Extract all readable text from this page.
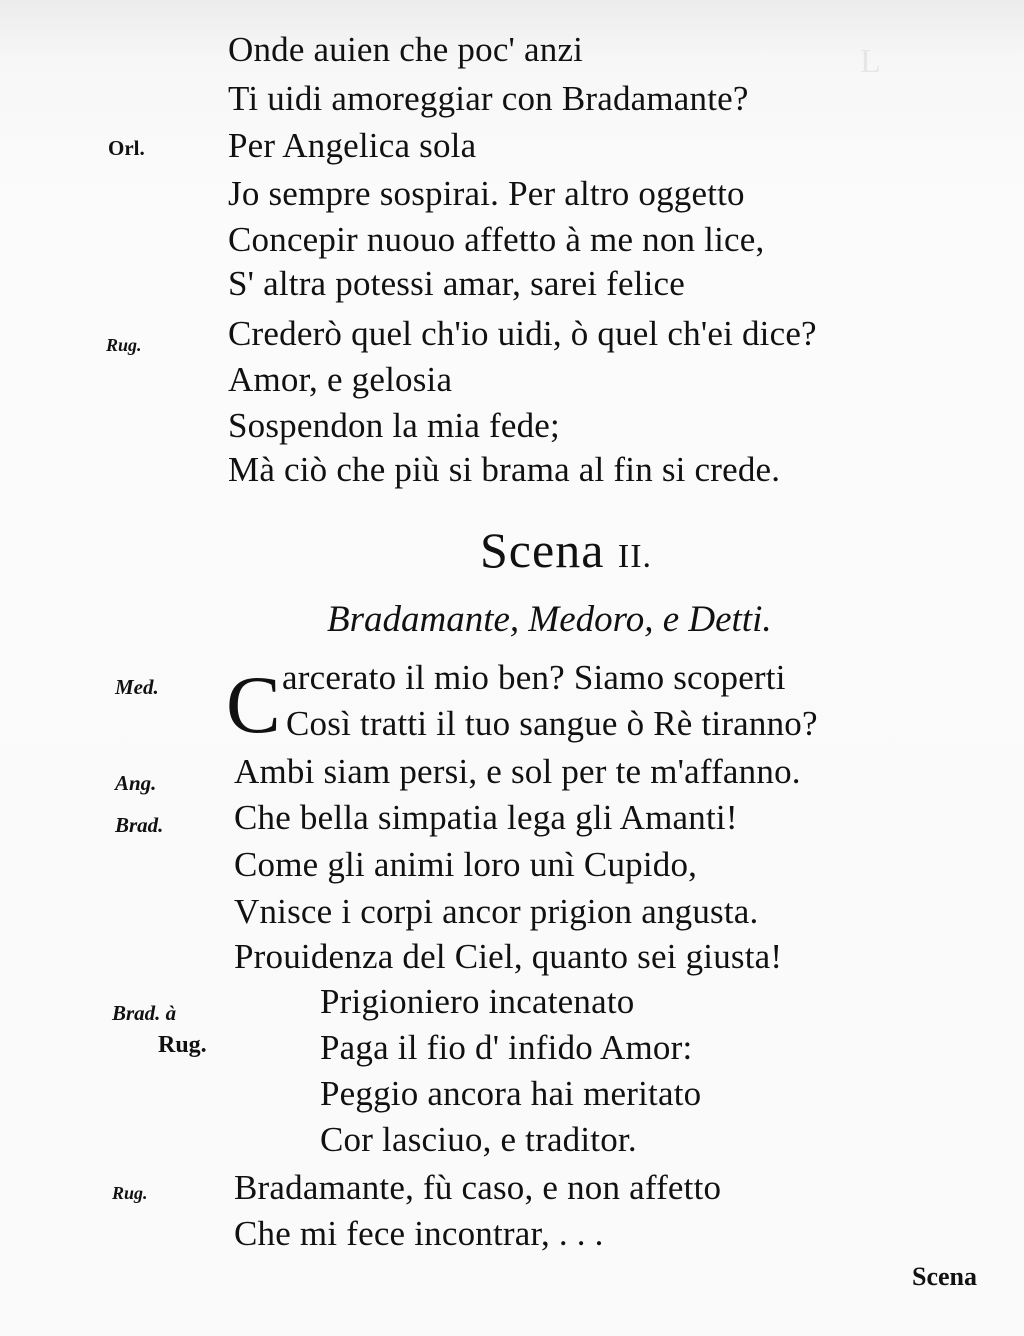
L
Onde auien che poc' anzi
Ti uidi amoreggiar con Bradamante?
Orl. Per Angelica sola
Jo sempre sospirai. Per altro oggetto
Concepir nuouo affetto à me non lice,
S' altra potessi amar, sarei felice
Rug. Crederò quel ch'io uidi, ò quel ch'ei dice?
Amor, e gelosia
Sospendon la mia fede;
Mà ciò che più si brama al fin si crede.
Scena II.
Bradamante, Medoro, e Detti.
Med. C arcerato il mio ben? Siamo scoperti
Così tratti il tuo sangue ò Rè tiranno?
Ang. Ambi siam persi, e sol per te m'affanno.
Brad. Che bella simpatia lega gli Amanti!
Come gli animi loro unì Cupido,
Vnisce i corpi ancor prigion angusta.
Prouidenza del Ciel, quanto sei giusta!
Brad. à
Rug.
Prigioniero incatenato
Paga il fio d' infido Amor:
Peggio ancora hai meritato
Cor lasciuo, e traditor.
Rug. Bradamante, fù caso, e non affetto
Che mi fece incontrar, . . .
Scena
